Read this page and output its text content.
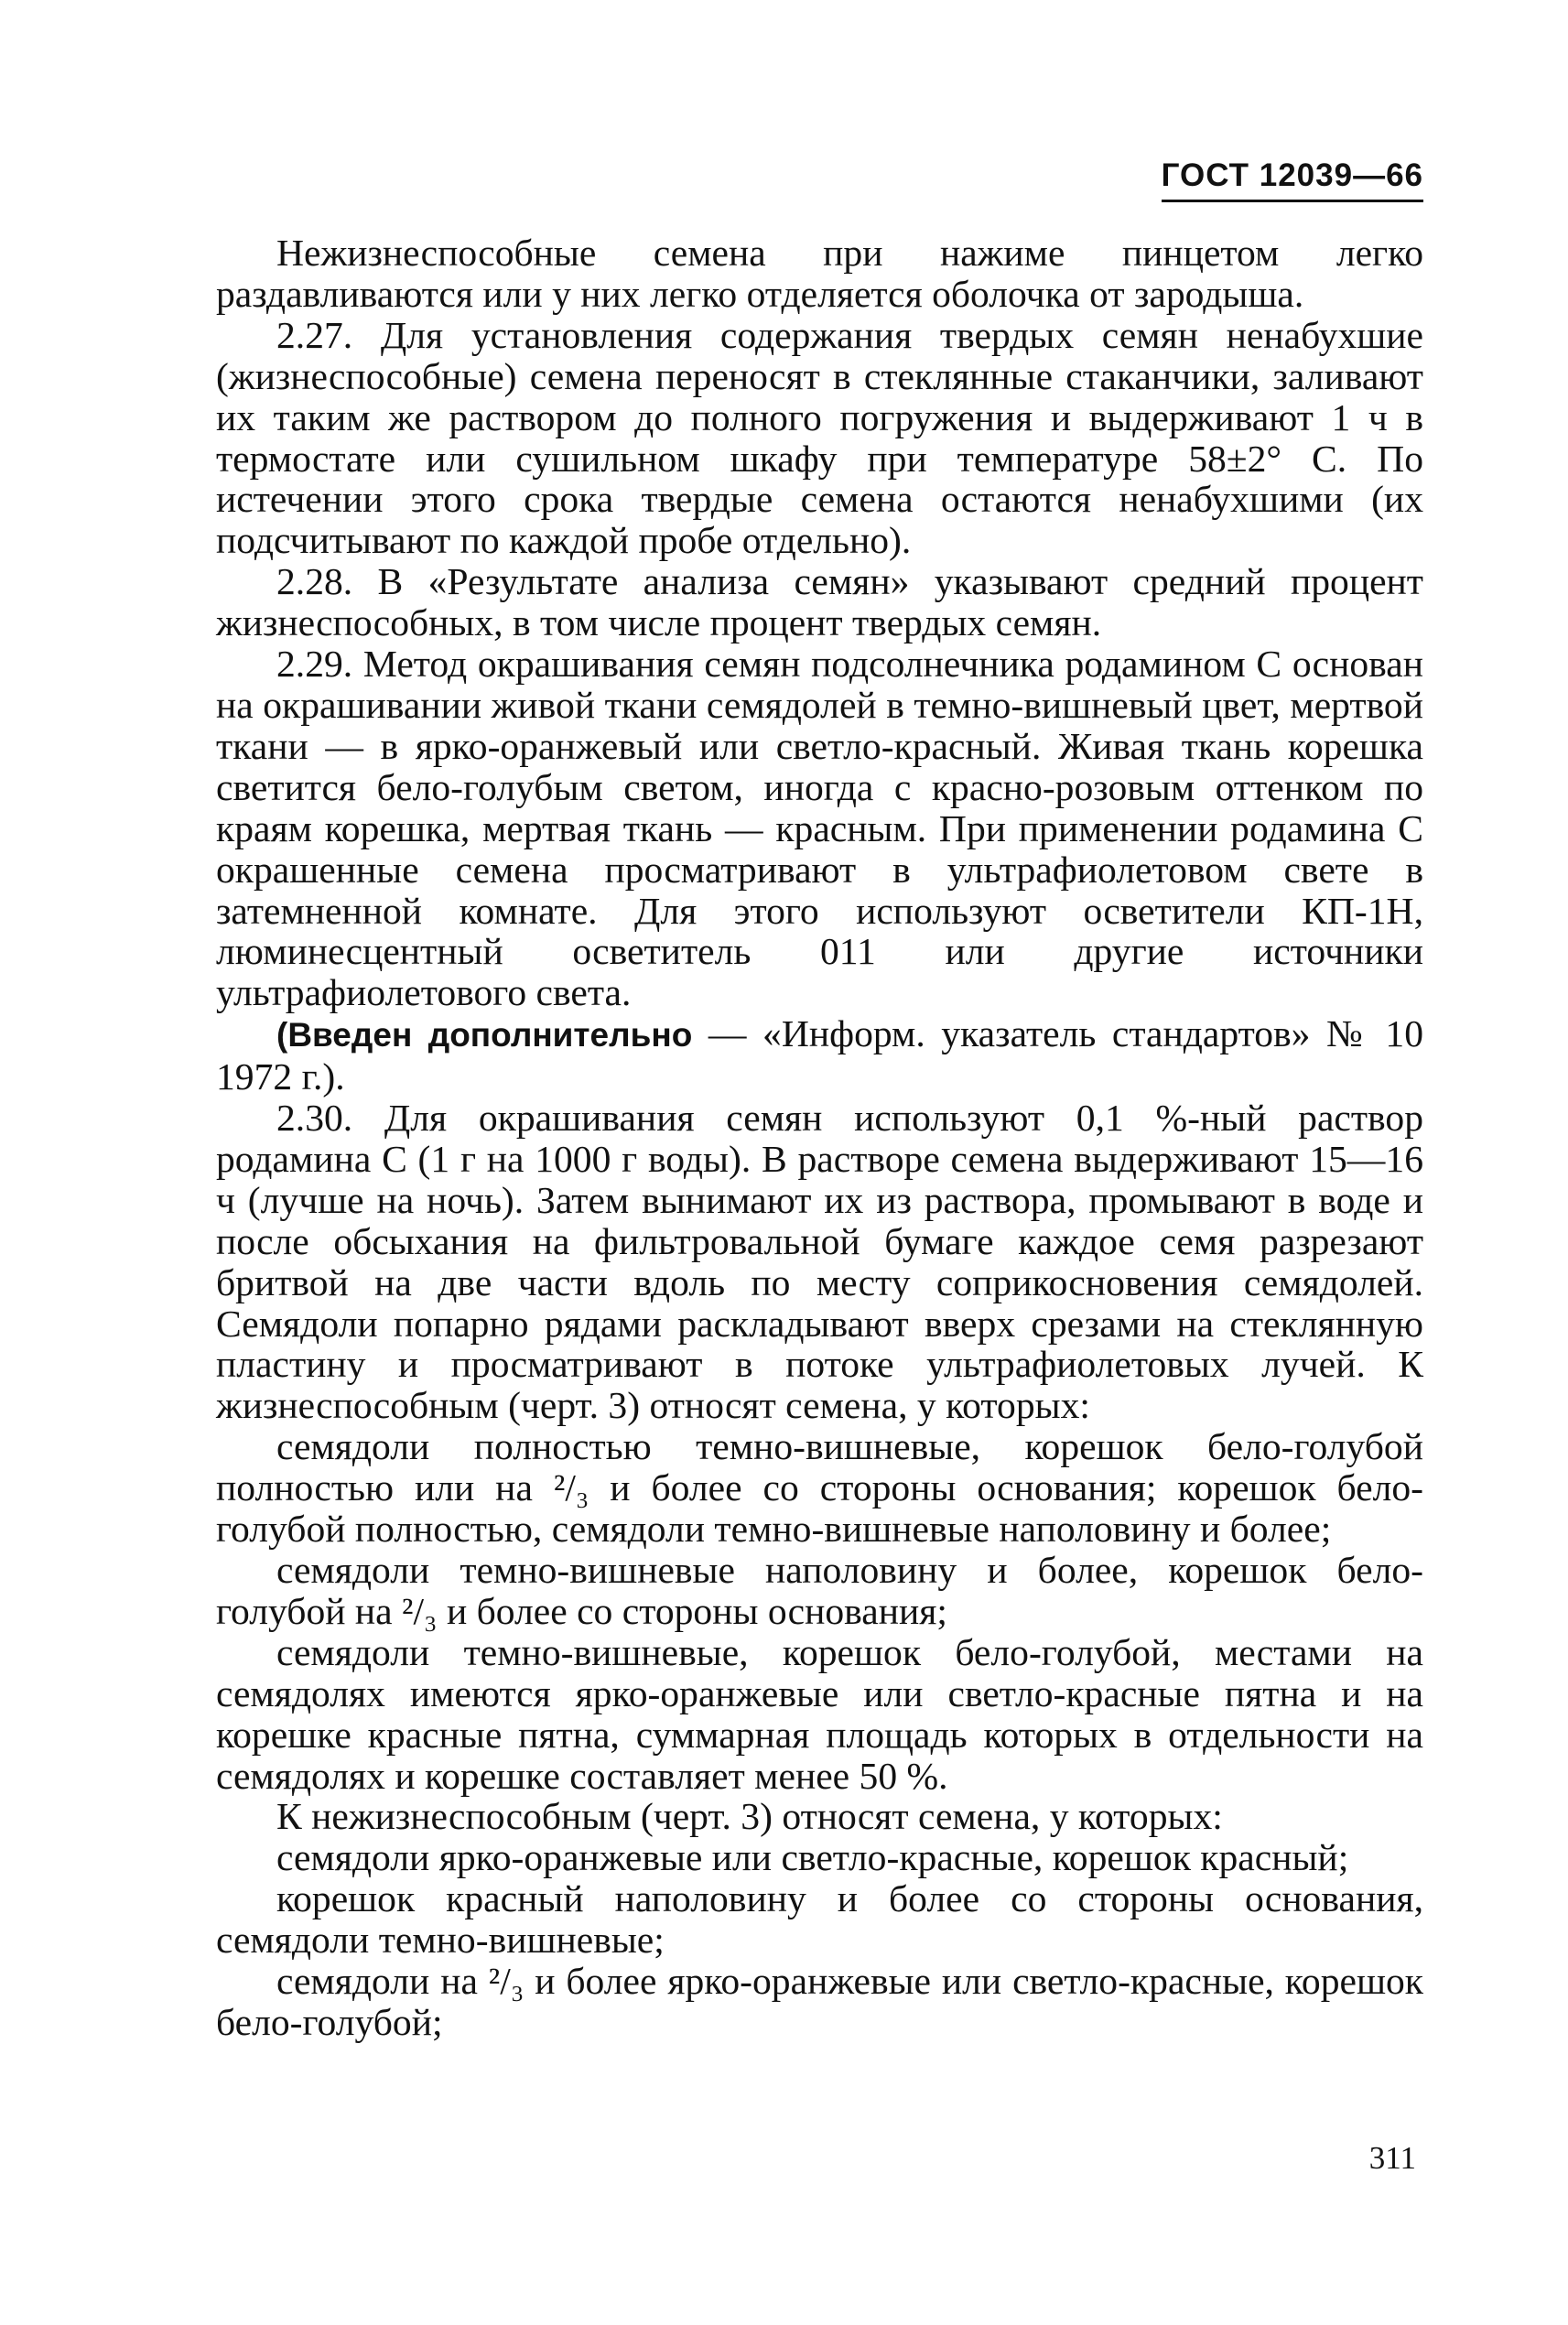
ГОСТ 12039—66

Нежизнеспособные семена при нажиме пинцетом легко раздавливаются или у них легко отделяется оболочка от зародыша.

2.27. Для установления содержания твердых семян ненабухшие (жизнеспособные) семена переносят в стеклянные стаканчики, заливают их таким же раствором до полного погружения и выдерживают 1 ч в термостате или сушильном шкафу при температуре 58±2° С. По истечении этого срока твердые семена остаются ненабухшими (их подсчитывают по каждой пробе отдельно).

2.28. В «Результате анализа семян» указывают средний процент жизнеспособных, в том числе процент твердых семян.

2.29. Метод окрашивания семян подсолнечника родамином С основан на окрашивании живой ткани семядолей в темно-вишневый цвет, мертвой ткани — в ярко-оранжевый или светло-красный. Живая ткань корешка светится бело-голубым светом, иногда с красно-розовым оттенком по краям корешка, мертвая ткань — красным. При применении родамина С окрашенные семена просматривают в ультрафиолетовом свете в затемненной комнате. Для этого используют осветители КП-1Н, люминесцентный осветитель 011 или другие источники ультрафиолетового света.

(Введен дополнительно — «Информ. указатель стандартов» № 10 1972 г.).

2.30. Для окрашивания семян используют 0,1 %-ный раствор родамина С (1 г на 1000 г воды). В растворе семена выдерживают 15—16 ч (лучше на ночь). Затем вынимают их из раствора, промывают в воде и после обсыхания на фильтровальной бумаге каждое семя разрезают бритвой на две части вдоль по месту соприкосновения семядолей. Семядоли попарно рядами раскладывают вверх срезами на стеклянную пластину и просматривают в потоке ультрафиолетовых лучей. К жизнеспособным (черт. 3) относят семена, у которых:

семядоли полностью темно-вишневые, корешок бело-голубой полностью или на ²/₃ и более со стороны основания; корешок бело-голубой полностью, семядоли темно-вишневые наполовину и более;

семядоли темно-вишневые наполовину и более, корешок бело-голубой на ²/₃ и более со стороны основания;

семядоли темно-вишневые, корешок бело-голубой, местами на семядолях имеются ярко-оранжевые или светло-красные пятна и на корешке красные пятна, суммарная площадь которых в отдельности на семядолях и корешке составляет менее 50 %.

К нежизнеспособным (черт. 3) относят семена, у которых:

семядоли ярко-оранжевые или светло-красные, корешок красный;

корешок красный наполовину и более со стороны основания, семядоли темно-вишневые;

семядоли на ²/₃ и более ярко-оранжевые или светло-красные, корешок бело-голубой;

311
